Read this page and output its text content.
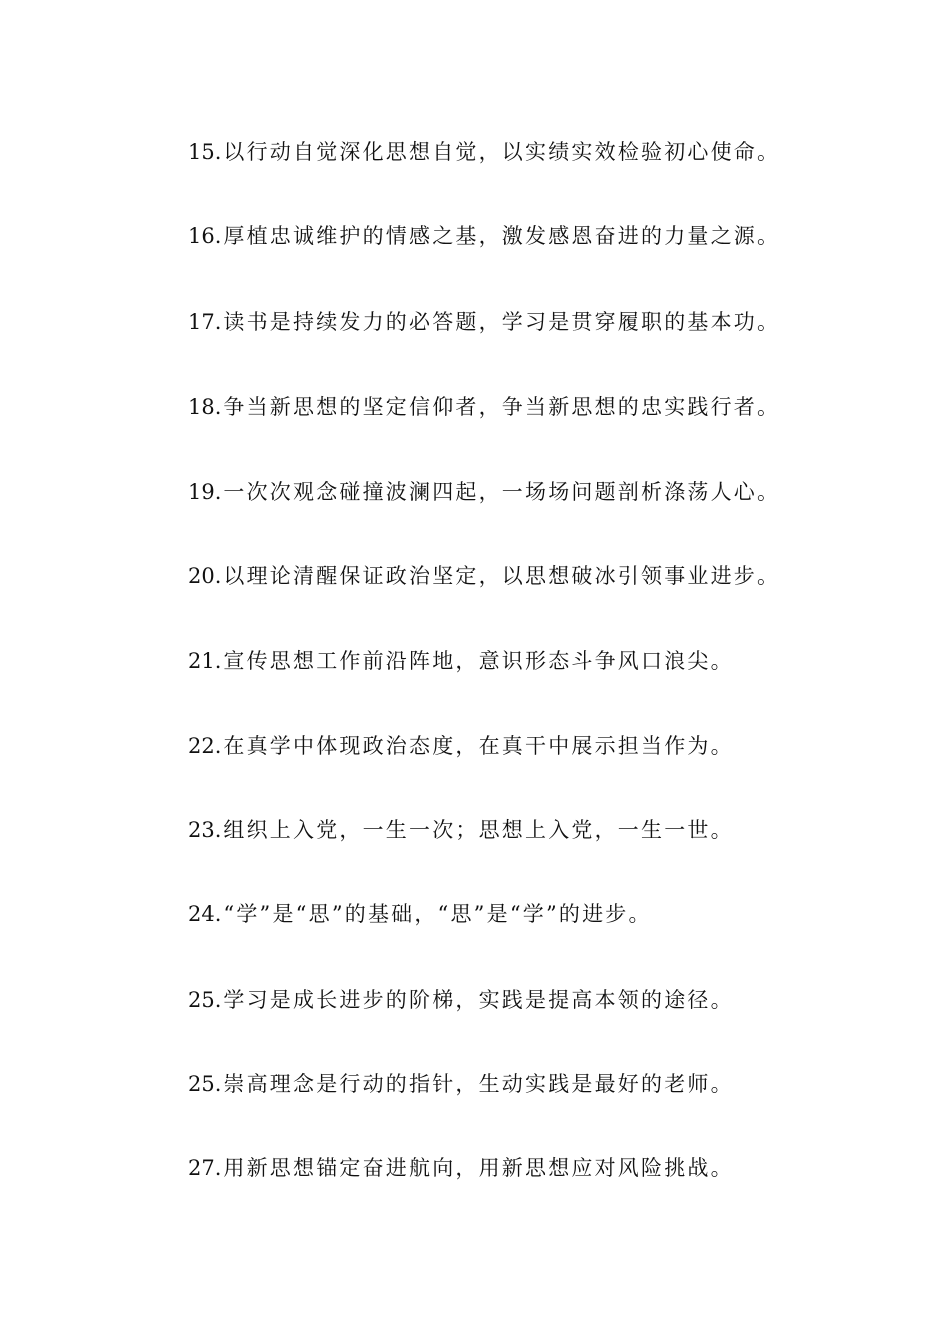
15.以行动自觉深化思想自觉，以实绩实效检验初心使命。
16.厚植忠诚维护的情感之基，激发感恩奋进的力量之源。
17.读书是持续发力的必答题，学习是贯穿履职的基本功。
18.争当新思想的坚定信仰者，争当新思想的忠实践行者。
19.一次次观念碰撞波澜四起，一场场问题剖析涤荡人心。
20.以理论清醒保证政治坚定，以思想破冰引领事业进步。
21.宣传思想工作前沿阵地，意识形态斗争风口浪尖。
22.在真学中体现政治态度，在真干中展示担当作为。
23.组织上入党，一生一次；思想上入党，一生一世。
24.“学”是“思”的基础，“思”是“学”的进步。
25.学习是成长进步的阶梯，实践是提高本领的途径。
25.崇高理念是行动的指针，生动实践是最好的老师。
27.用新思想锚定奋进航向，用新思想应对风险挑战。
